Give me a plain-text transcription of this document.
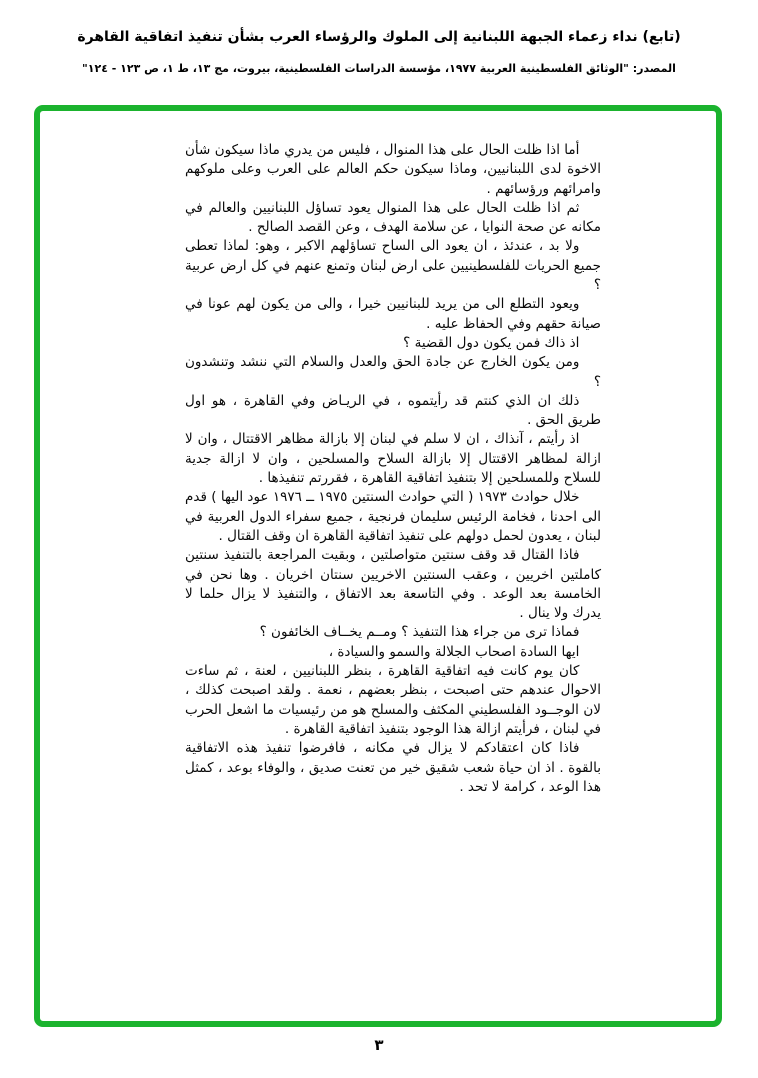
(تابع) نداء زعماء الجبهة اللبنانية إلى الملوك والرؤساء العرب بشأن تنفيذ اتفاقية القاهرة
المصدر: "الوثائق الفلسطينية العربية ١٩٧٧، مؤسسة الدراسات الفلسطينية، بيروت، مج ١٣، ط ١، ص ١٢٣ - ١٢٤"

أما اذا ظلت الحال على هذا المنوال ، فليس من يدري ماذا سيكون شأن الاخوة لدى اللبنانيين، وماذا سيكون حكم العالم على العرب وعلى ملوكهم وامرائهم ورؤسائهم .

ثم اذا ظلت الحال على هذا المنوال يعود تساؤل اللبنانيين والعالم في مكانه عن صحة النوايا ، عن سلامة الهدف ، وعن القصد الصالح .

ولا بد ، عندئذ ، ان يعود الى الساح تساؤلهم الاكبر ، وهو: لماذا تعطى جميع الحريات للفلسطينيين على ارض لبنان وتمنع عنهم في كل ارض عربية ؟

ويعود التطلع الى من يريد للبنانيين خيرا ، والى من يكون لهم عونا في صيانة حقهم وفي الحفاظ عليه .

اذ ذاك فمن يكون دول القضية ؟

ومن يكون الخارج عن جادة الحق والعدل والسلام التي ننشد وتنشدون ؟

ذلك ان الذي كنتم قد رأيتموه ، في الريـاض وفي القاهرة ، هو اول طريق الحق .

اذ رأيتم ، آنذاك ، ان لا سلم في لبنان إلا بازالة مظاهر الاقتتال ، وان لا ازالة لمظاهر الاقتتال إلا بازالة السلاح والمسلحين ، وان لا ازالة جدية للسلاح وللمسلحين إلا بتنفيذ اتفاقية القاهرة ، فقررتم تنفيذها .

خلال حوادث ١٩٧٣ ( التي حوادث السنتين ١٩٧٥ ــ ١٩٧٦ عود اليها ) قدم الى احدنا ، فخامة الرئيس سليمان فرنجية ، جميع سفراء الدول العربية في لبنان ، يعدون لحمل دولهم على تنفيذ اتفاقية القاهرة ان وقف القتال .

فاذا القتال قد وقف سنتين متواصلتين ، وبقيت المراجعة بالتنفيذ سنتين كاملتين اخريين ، وعقب السنتين الاخريين سنتان اخريان . وها نحن في الخامسة بعد الوعد . وفي التاسعة بعد الاتفاق ، والتنفيذ لا يزال حلما لا يدرك ولا ينال .

فماذا ترى من جراء هذا التنفيذ ؟ ومــم يخــاف الخائفون ؟

ايها السادة اصحاب الجلالة والسمو والسيادة ،

كان يوم كانت فيه اتفاقية القاهرة ، بنظر اللبنانيين ، لعنة ، ثم ساءت الاحوال عندهم حتى اصبحت ، بنظر بعضهم ، نعمة . ولقد اصبحت كذلك ، لان الوجــود الفلسطيني المكثف والمسلح هو من رئيسيات ما اشعل الحرب في لبنان ، فرأيتم ازالة هذا الوجود بتنفيذ اتفاقية القاهرة .

فاذا كان اعتقادكم لا يزال في مكانه ، فافرضوا تنفيذ هذه الاتفاقية بالقوة . اذ ان حياة شعب شقيق خير من تعنت صديق ، والوفاء بوعد ، كمثل هذا الوعد ، كرامة لا تحد .

٣
